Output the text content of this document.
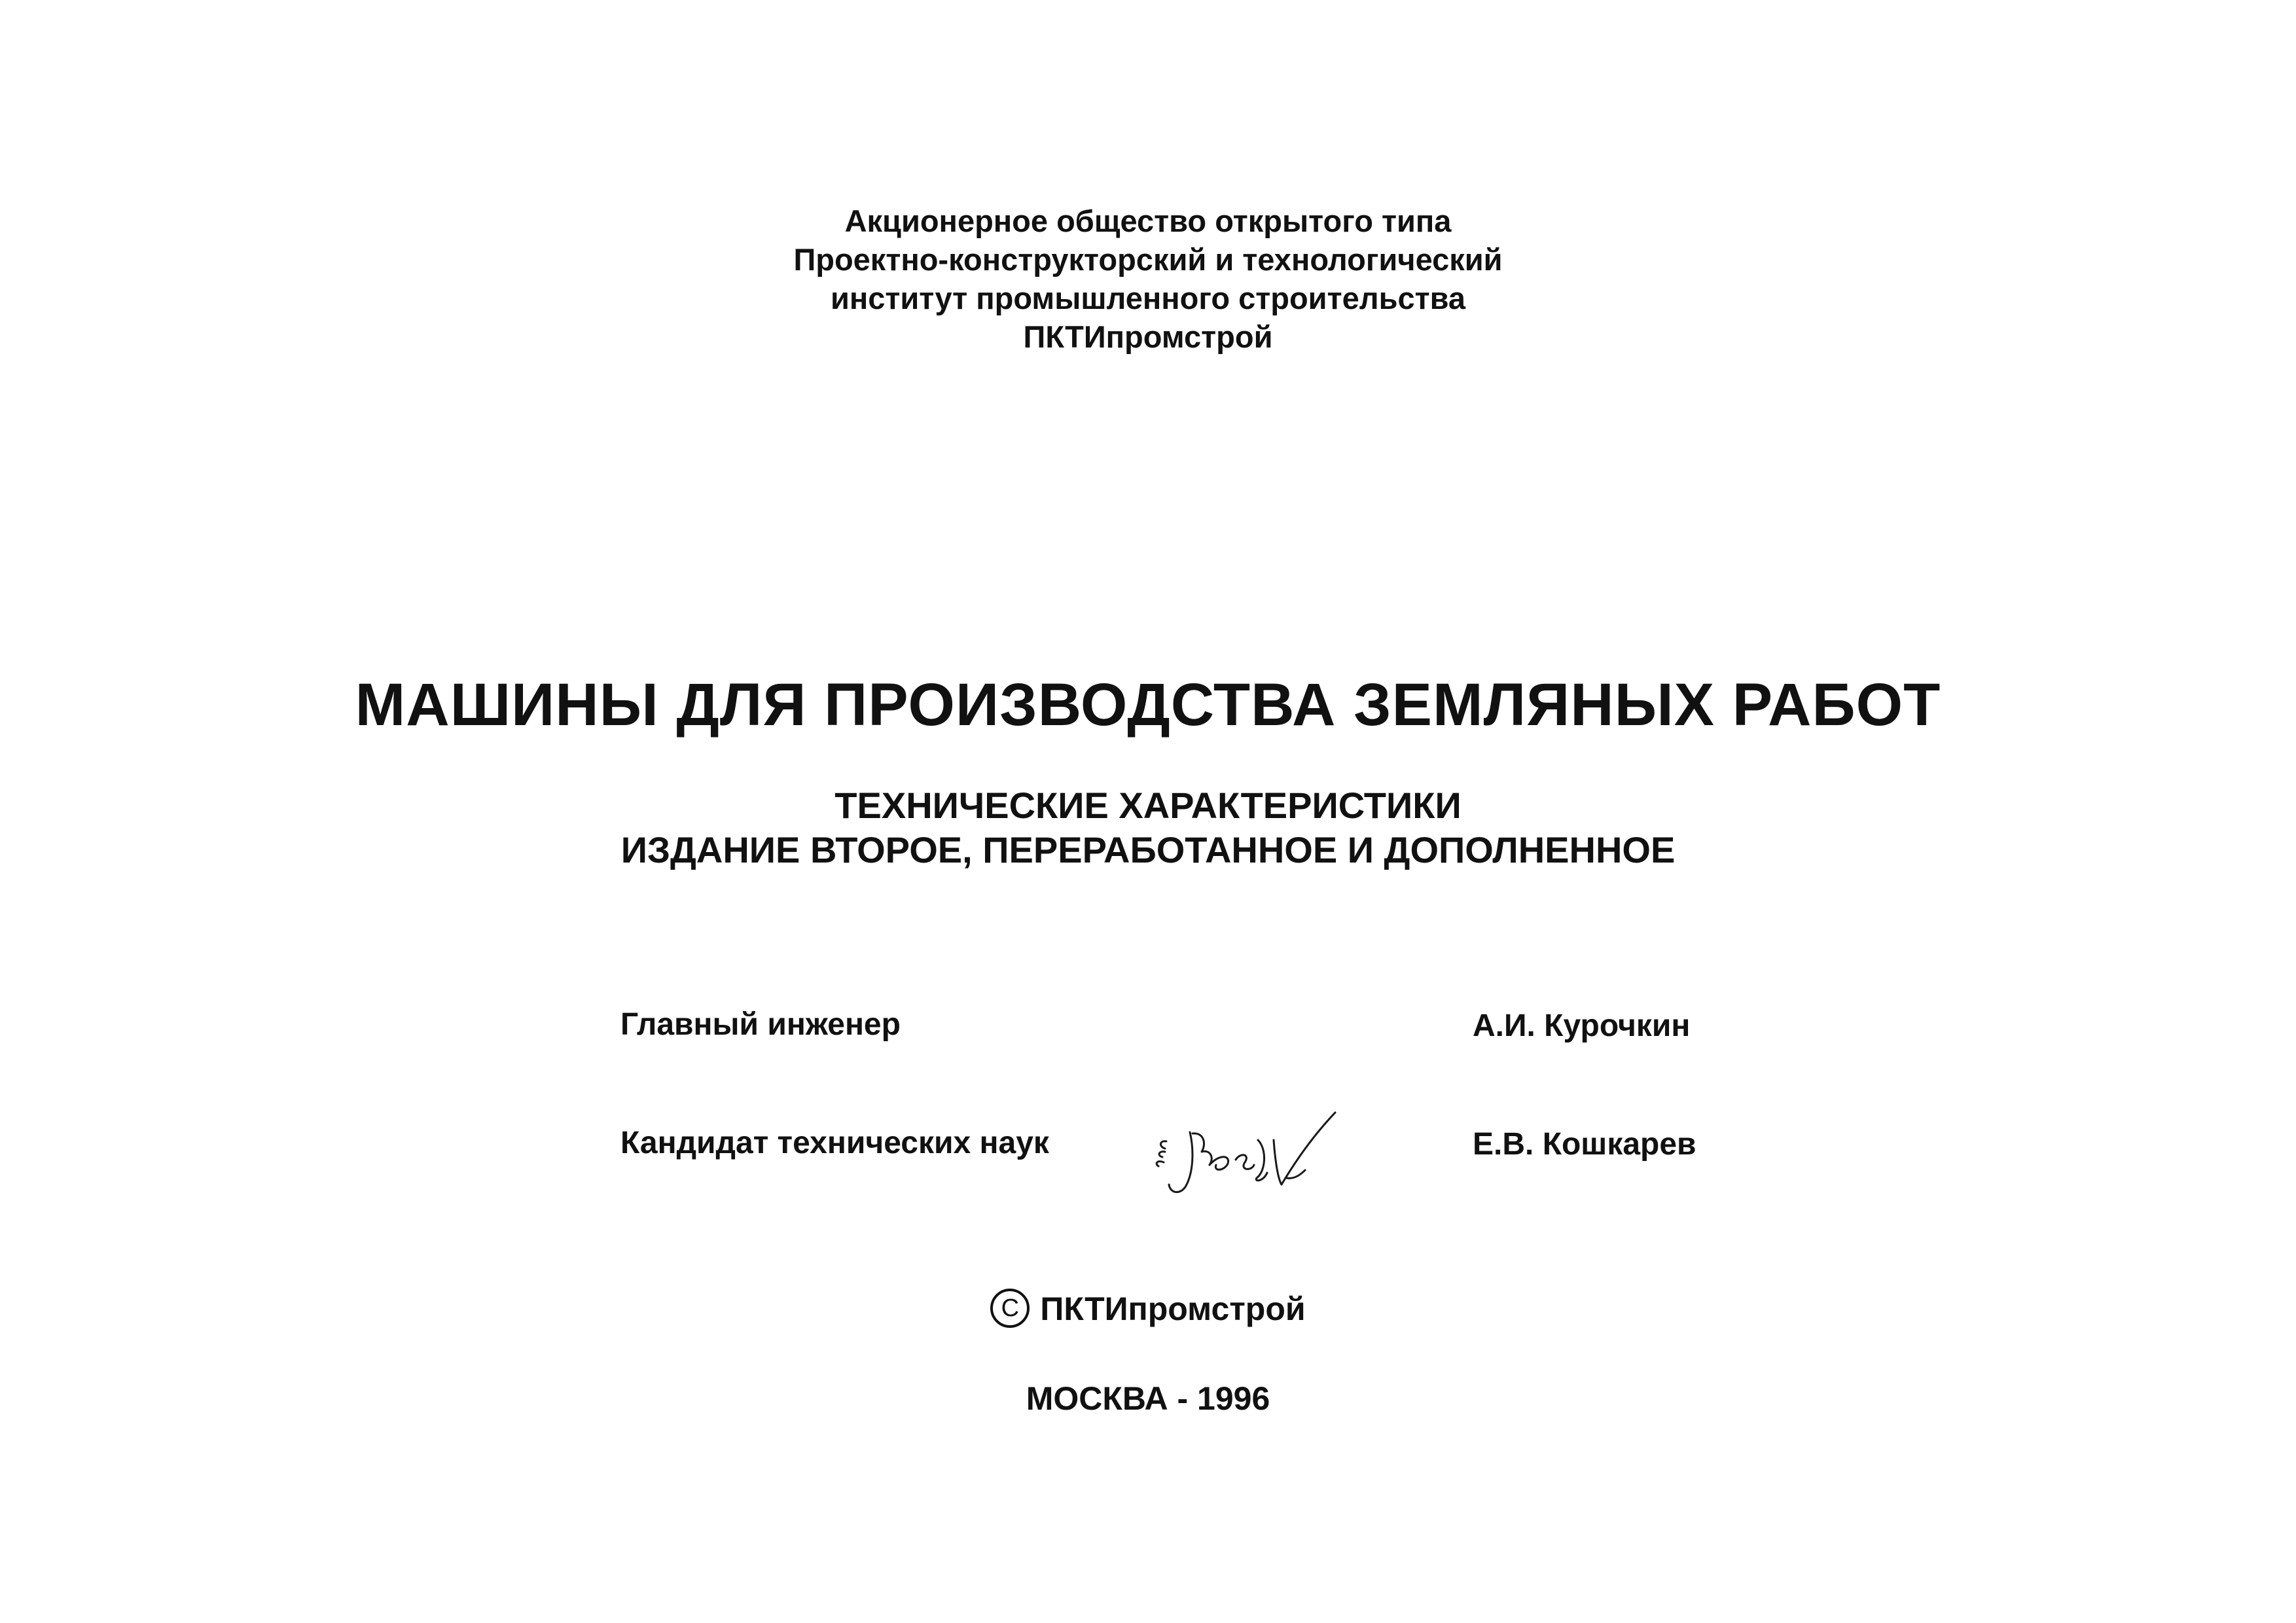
Акционерное общество открытого типа
Проектно-конструкторский и технологический
институт промышленного строительства
ПКТИпромстрой
МАШИНЫ ДЛЯ ПРОИЗВОДСТВА ЗЕМЛЯНЫХ РАБОТ
ТЕХНИЧЕСКИЕ ХАРАКТЕРИСТИКИ
ИЗДАНИЕ ВТОРОЕ, ПЕРЕРАБОТАННОЕ И ДОПОЛНЕННОЕ
Главный инженер	А.И. Курочкин
Кандидат технических наук	Е.В. Кошкарев
C ПКТИпромстрой
МОСКВА - 1996
